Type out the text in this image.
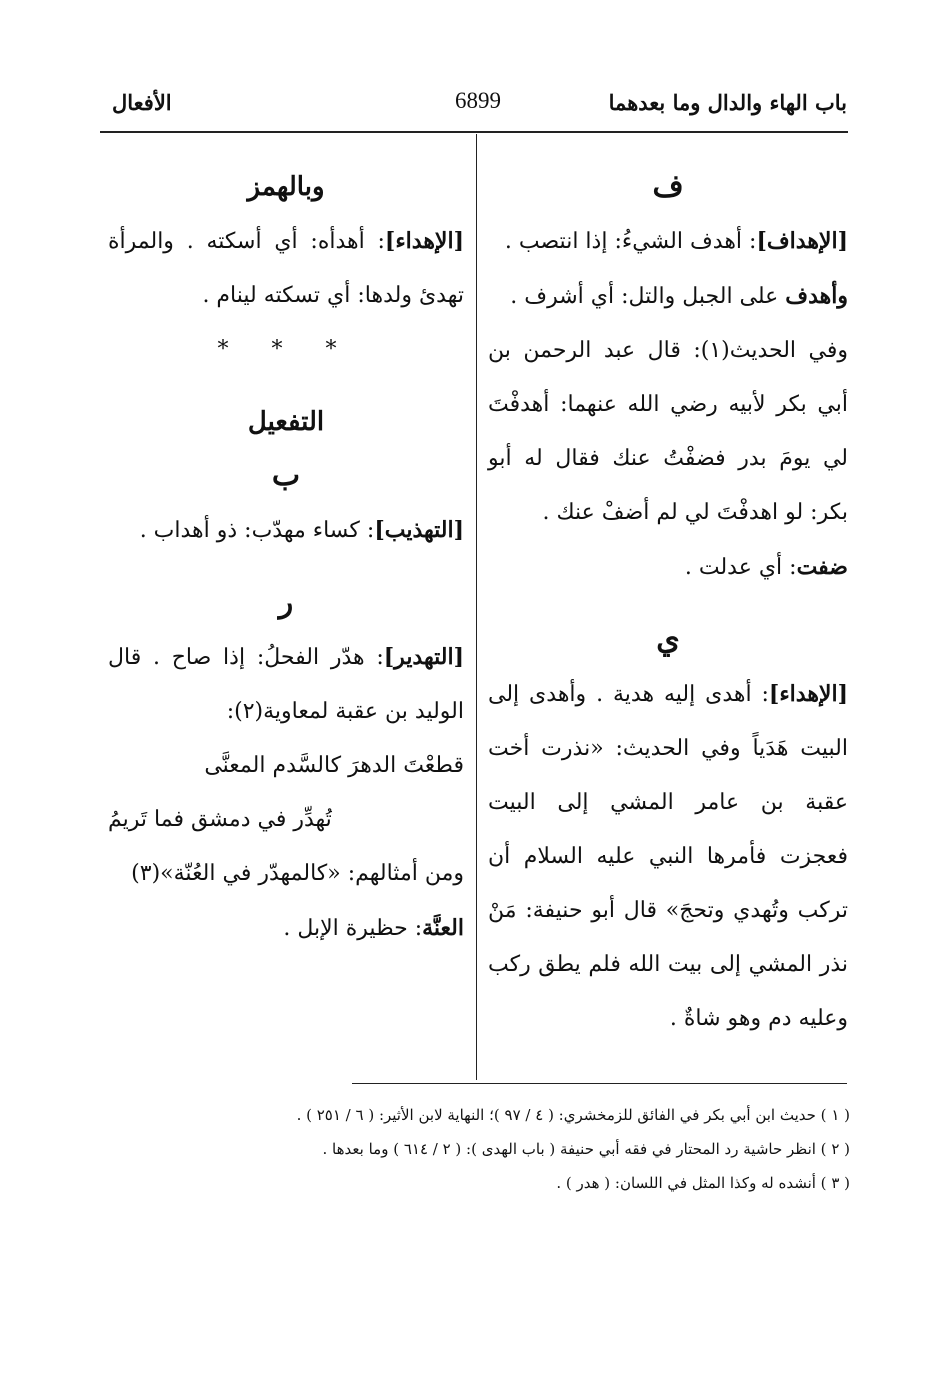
باب الهاء والدال وما بعدهما
6899
الأفعال

ف

[الإهداف]: أهدف الشيءُ: إذا انتصب .

وأهدف على الجبل والتل: أي أشرف .

وفي الحديث(١): قال عبد الرحمن بن أبي بكر لأبيه رضي الله عنهما: أهدفْتَ لي يومَ بدر فضفْتُ عنك فقال له أبو بكر: لو اهدفْتَ لي لم أضفْ عنك .

ضفت: أي عدلت .

ي

[الإهداء]: أهدى إليه هدية . وأهدى إلى البيت هَدَياً وفي الحديث: «نذرت أخت عقبة بن عامر المشي إلى البيت فعجزت فأمرها النبي عليه السلام أن تركب وتُهدي وتحجَ» قال أبو حنيفة: مَنْ نذر المشي إلى بيت الله فلم يطق ركب وعليه دم وهو شاةٌ .

وبالهمز

[الإهداء]: أهدأه: أي أسكته . والمرأة تهدئ ولدها: أي تسكته لينام .

* * *

التفعيل

ب

[التهذيب]: كساء مهدّب: ذو أهداب .

ر

[التهدير]: هدّر الفحلُ: إذا صاح . قال الوليد بن عقبة لمعاوية(٢):

قطعْتَ الدهرَ كالسَّدم المعنَّى

تُهدِّر في دمشق فما تَريمُ

ومن أمثالهم: «كالمهدّر في العُنّة»(٣)

العنَّة: حظيرة الإبل .

( ١ ) حديث ابن أبي بكر في الفائق للزمخشري: ( ٤ / ٩٧ )؛ النهاية لابن الأثير: ( ٦ / ٢٥١ ) .

( ٢ ) انظر حاشية رد المحتار في فقه أبي حنيفة ( باب الهدى ): ( ٢ / ٦١٤ ) وما بعدها .

( ٣ ) أنشده له وكذا المثل في اللسان: ( هدر ) .
